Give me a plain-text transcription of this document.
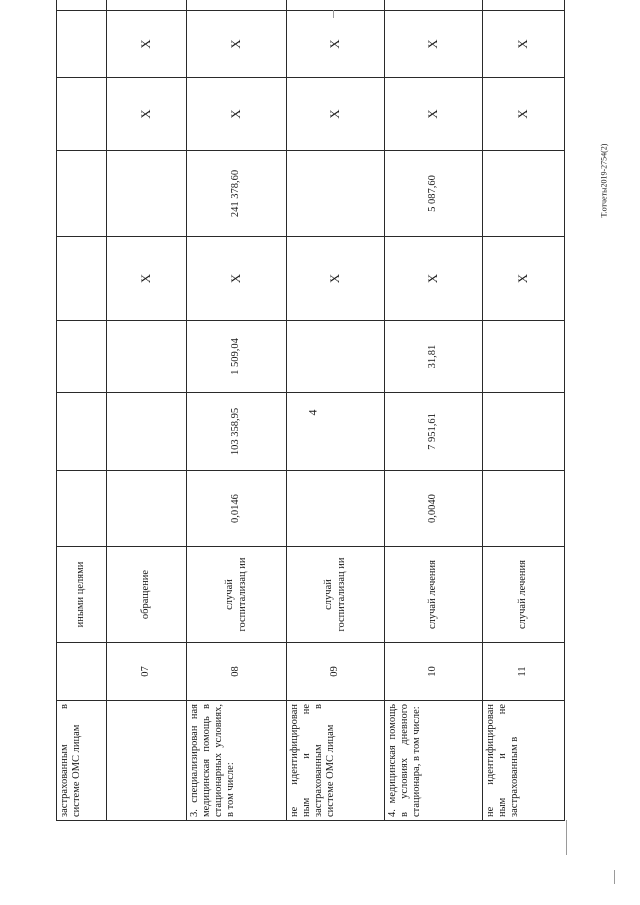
4
Т.отчеты2019-2754(2)
застрахованным в системе ОМС лицам		иными целями								
	07	обращение				X		X	X	
3. специализирован ная медицинская помощь в стационарных условиях, в том числе:	08	случай госпитализац ии	0,0146	103 358,95	1 509,04	X	241 378,60	X	X	
не идентифицирован ным и не застрахованным в системе ОМС лицам	09	случай госпитализац ии				X		X	X	
4. медицинская помощь в условиях дневного стационара, в том числе:	10	случай лечения	0,0040	7 951,61	31,81	X	5 087,60	X	X	
не идентифицирован ным и не застрахованным в	11	случай лечения				X		X	X	
